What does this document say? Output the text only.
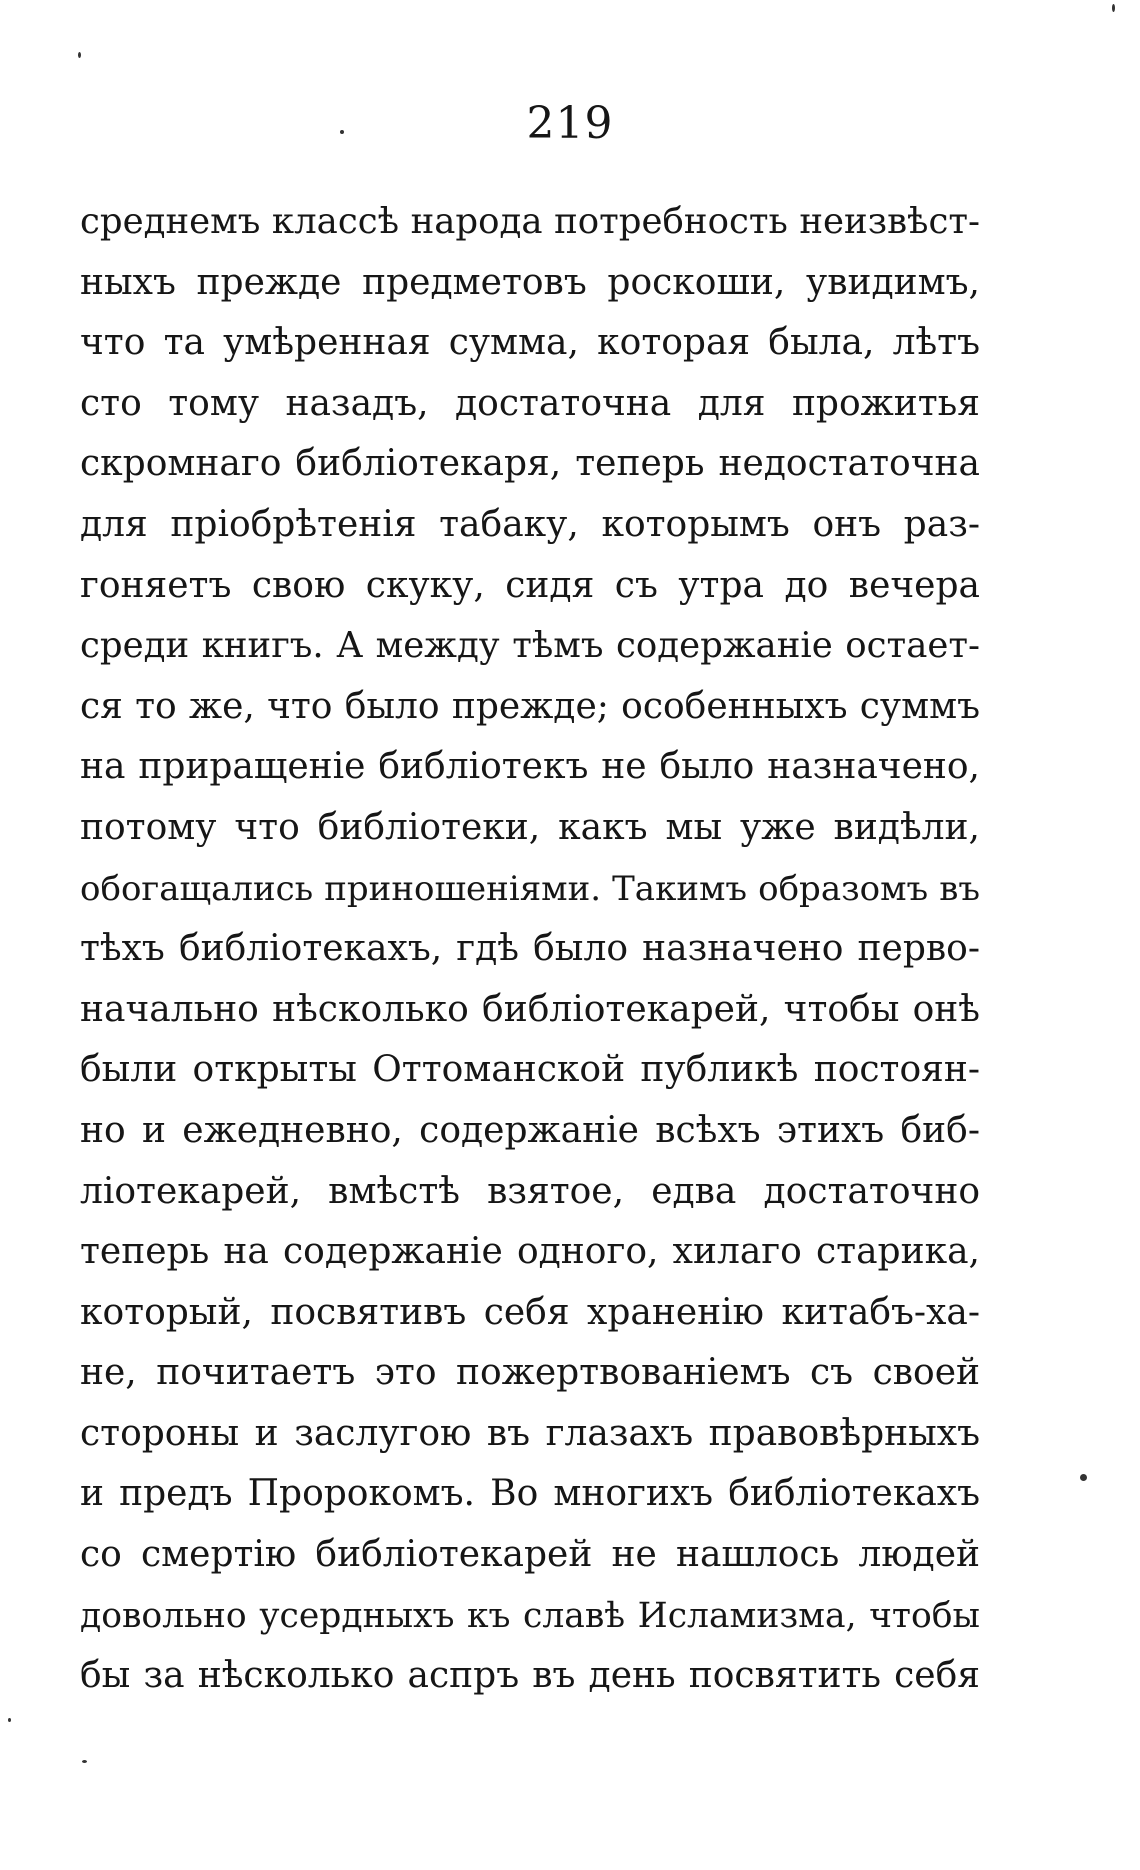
219
среднемъ классѣ народа потребность неизвѣст-
ныхъ прежде предметовъ роскоши, увидимъ,
что та умѣренная сумма, которая была, лѣтъ
сто тому назадъ, достаточна для прожитья
скромнаго библіотекаря, теперь недостаточна
для пріобрѣтенія табаку, которымъ онъ раз-
гоняетъ свою скуку, сидя съ утра до вечера
среди книгъ. А между тѣмъ содержаніе остает-
ся то же, что было прежде; особенныхъ суммъ
на приращеніе библіотекъ не было назначено,
потому что библіотеки, какъ мы уже видѣли,
обогащались приношеніями. Такимъ образомъ въ
тѣхъ библіотекахъ, гдѣ было назначено перво-
начально нѣсколько библіотекарей, чтобы онѣ
были открыты Оттоманской публикѣ постоян-
но и ежедневно, содержаніе всѣхъ этихъ биб-
ліотекарей, вмѣстѣ взятое, едва достаточно
теперь на содержаніе одного, хилаго старика,
который, посвятивъ себя храненію китабъ-ха-
не, почитаетъ это пожертвованіемъ съ своей
стороны и заслугою въ глазахъ правовѣрныхъ
и предъ Пророкомъ. Во многихъ библіотекахъ
со смертію библіотекарей не нашлось людей
довольно усердныхъ къ славѣ Исламизма, чтобы
бы за нѣсколько аспръ въ день посвятить себя
